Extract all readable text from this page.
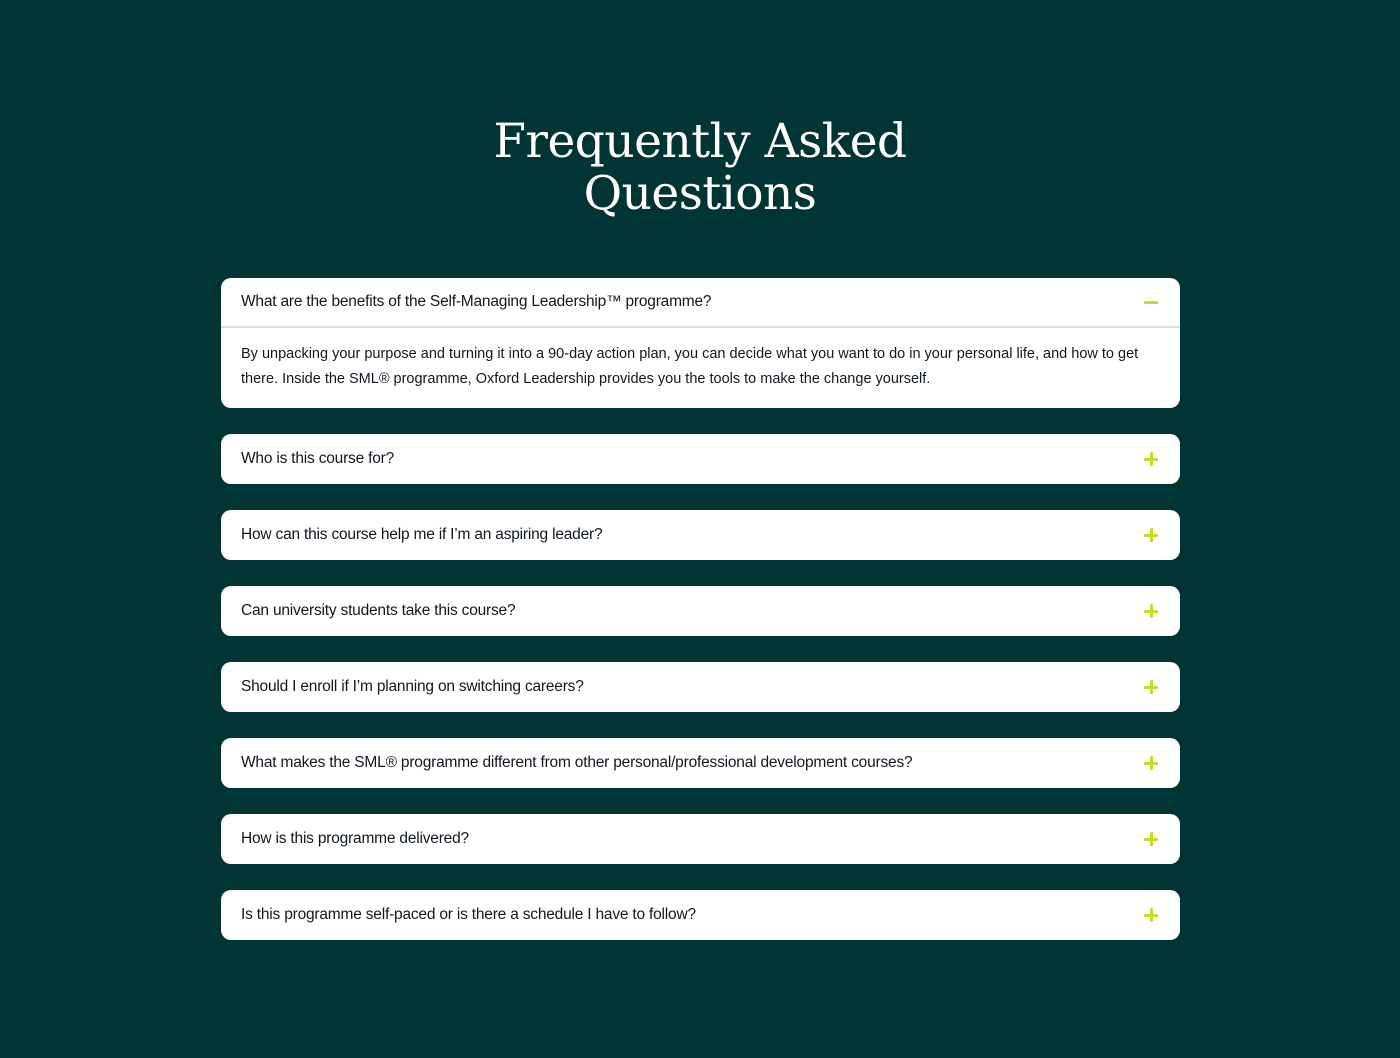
Frequently Asked
Questions
What are the benefits of the Self-Managing Leadership™ programme?

By unpacking your purpose and turning it into a 90-day action plan, you can decide what you want to do in your personal life, and how to get there. Inside the SML® programme, Oxford Leadership provides you the tools to make the change yourself.

Who is this course for?
How can this course help me if I’m an aspiring leader?
Can university students take this course?
Should I enroll if I’m planning on switching careers?
What makes the SML® programme different from other personal/professional development courses?
How is this programme delivered?
Is this programme self-paced or is there a schedule I have to follow?
